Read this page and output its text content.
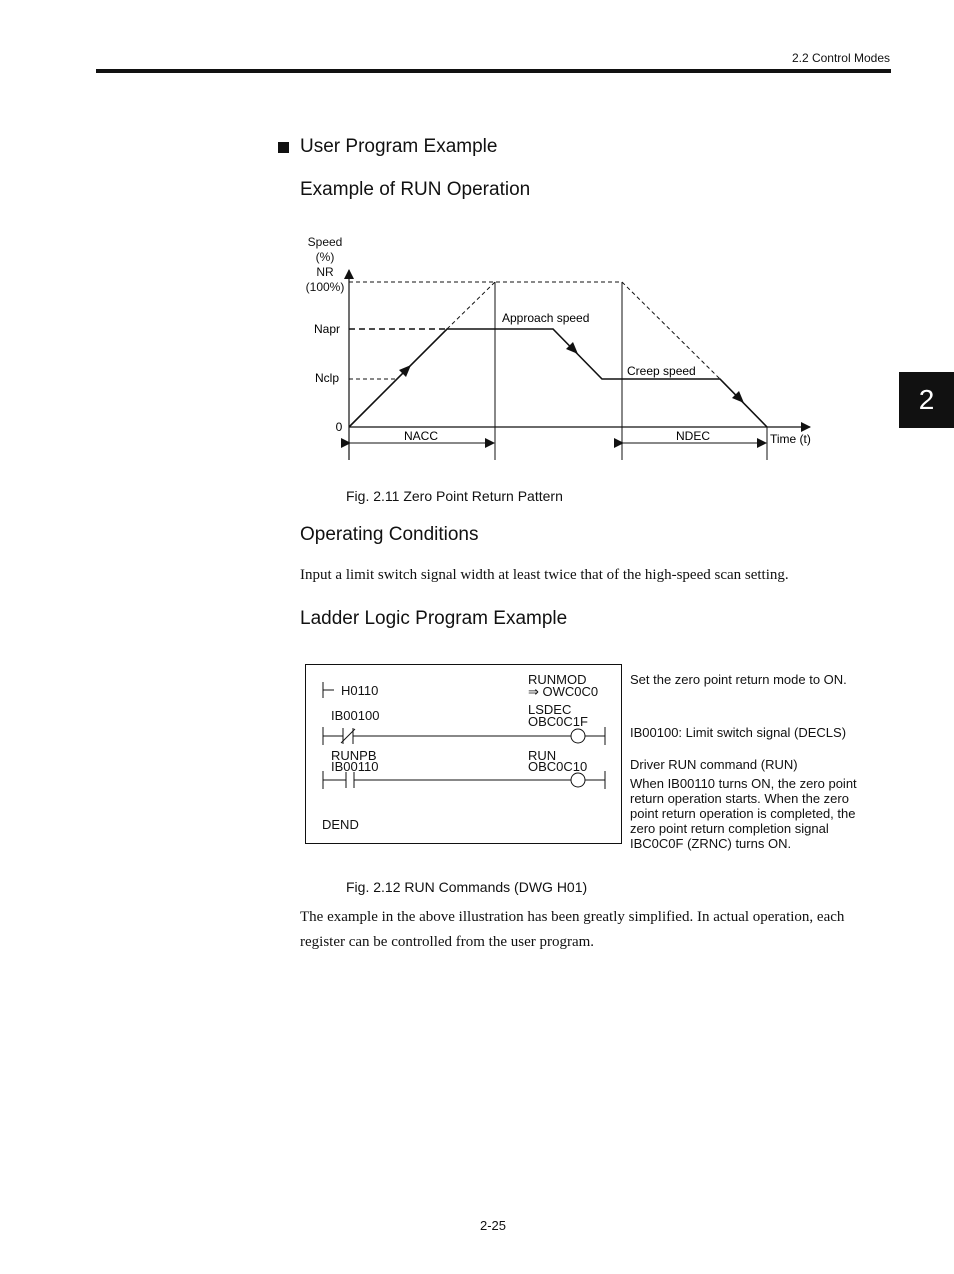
2.2 Control Modes
2
User Program Example
Example of RUN Operation
Speed
(%)
NR
(100%)
Napr
Nclp
0
Approach speed
Creep speed
NACC	NDEC	Time (t)
Fig. 2.11 Zero Point Return Pattern
Operating Conditions
Input a limit switch signal width at least twice that of the high-speed scan setting.
Ladder Logic Program Example
H0110
RUNMOD
⇒ OWC0C0
IB00100	LSDEC
OBC0C1F
RUNPB
IB00110
RUN
OBC0C10
DEND
Set the zero point return mode to ON.
IB00100: Limit switch signal (DECLS)
Driver RUN command (RUN)
When IB00110 turns ON, the zero point
return operation starts. When the zero
point return operation is completed, the
zero point return completion signal
IBC0C0F (ZRNC) turns ON.
Fig. 2.12 RUN Commands (DWG H01)
The example in the above illustration has been greatly simplified. In actual operation, each
register can be controlled from the user program.
2-25
